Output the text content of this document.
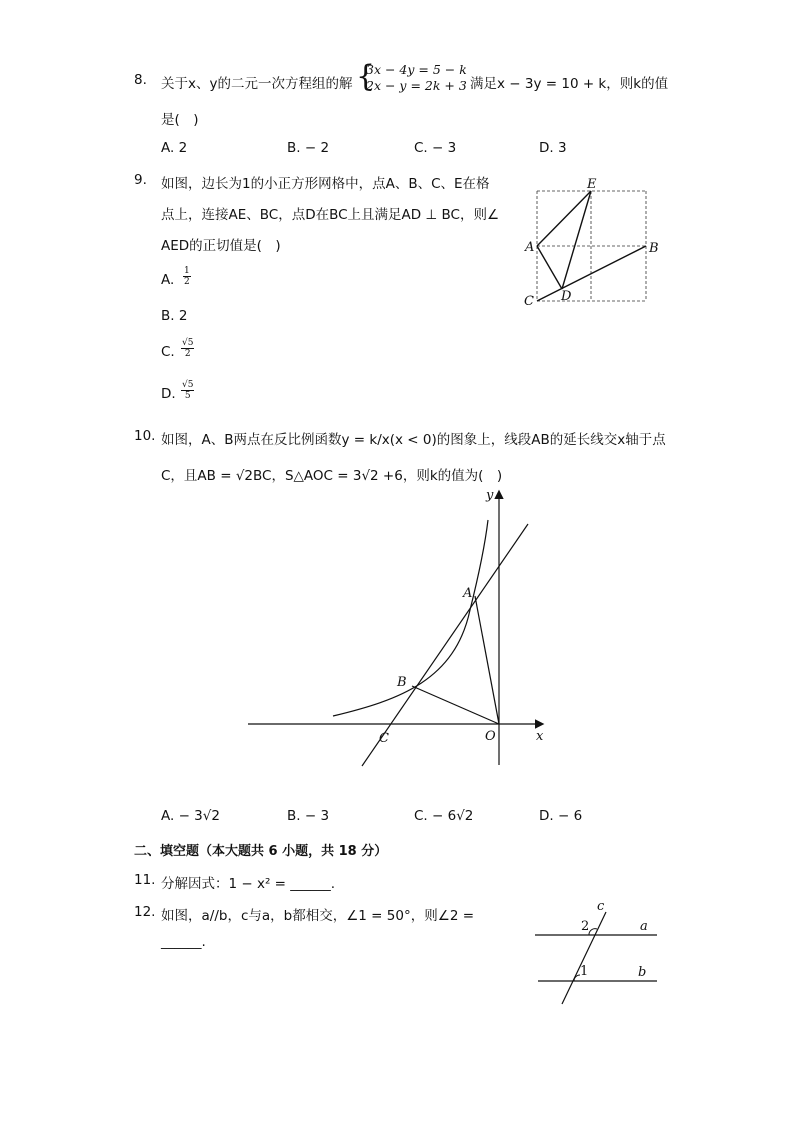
8. 关于x、y的二元一次方程组的解 {
3x − 4y = 5 − k
2x − y = 2k + 3 满足x − 3y = 10 + k，则k的值
是(　)
A. 2	B. − 2	C. − 3	D. 3
9. 如图，边长为1的小正方形网格中，点A、B、C、E在格
点上，连接AE、BC，点D在BC上且满足AD ⊥ BC，则∠
AED的正切值是(　)
A. $\frac{1}{2}$
B. 2
C. $\frac{√5}{2}$
D. $\frac{√5}{5}$
E
A	B
C D
10. 如图，A、B两点在反比例函数y = k/x(x < 0)的图象上，线段AB的延长线交x轴于点
C，且AB = √2BC，S△AOC = 3√2 +6，则k的值为(　)
y
x
A
B
C	O
A. − 3√2	B. − 3	C. − 6√2	D. − 6
二、填空题（本大题共 6 小题，共 18 分）
11. 分解因式：1 − x² = ______.
12. 如图，a//b，c与a，b都相交，∠1 = 50°，则∠2 =
______.
c
a
b
2
1
